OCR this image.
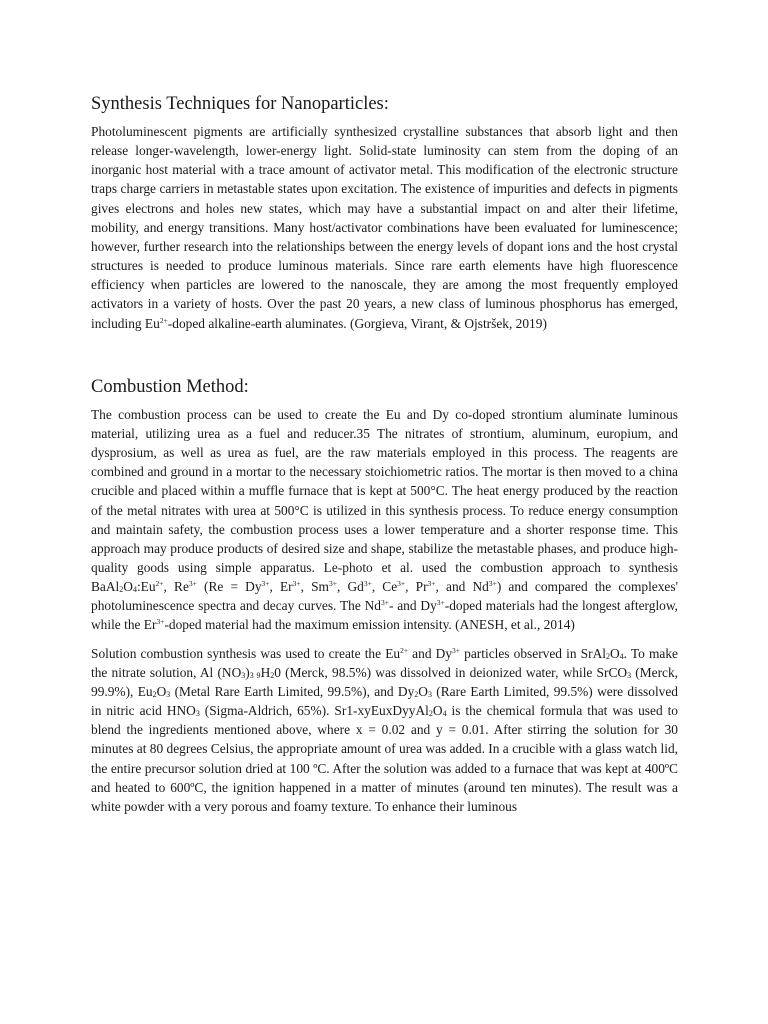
Synthesis Techniques for Nanoparticles:

Photoluminescent pigments are artificially synthesized crystalline substances that absorb light and then release longer-wavelength, lower-energy light. Solid-state luminosity can stem from the doping of an inorganic host material with a trace amount of activator metal. This modification of the electronic structure traps charge carriers in metastable states upon excitation. The existence of impurities and defects in pigments gives electrons and holes new states, which may have a substantial impact on and alter their lifetime, mobility, and energy transitions. Many host/activator combinations have been evaluated for luminescence; however, further research into the relationships between the energy levels of dopant ions and the host crystal structures is needed to produce luminous materials. Since rare earth elements have high fluorescence efficiency when particles are lowered to the nanoscale, they are among the most frequently employed activators in a variety of hosts. Over the past 20 years, a new class of luminous phosphorus has emerged, including $Eu^{2+}$-doped alkaline-earth aluminates. (Gorgieva, Virant, & Ojstršek, 2019)

Combustion Method:

The combustion process can be used to create the Eu and Dy co-doped strontium aluminate luminous material, utilizing urea as a fuel and reducer.35 The nitrates of strontium, aluminum, europium, and dysprosium, as well as urea as fuel, are the raw materials employed in this process. The reagents are combined and ground in a mortar to the necessary stoichiometric ratios. The mortar is then moved to a china crucible and placed within a muffle furnace that is kept at 500°C. The heat energy produced by the reaction of the metal nitrates with urea at 500°C is utilized in this synthesis process. To reduce energy consumption and maintain safety, the combustion process uses a lower temperature and a shorter response time. This approach may produce products of desired size and shape, stabilize the metastable phases, and produce high-quality goods using simple apparatus. Le-photo et al. used the combustion approach to synthesis $BaAl_2O_4:Eu^{2+}$, $Re^{3+}$ ($Re = Dy^{3+}$, $Er^{3+}$, $Sm^{3+}$, $Gd^{3+}$, $Ce^{3+}$, $Pr^{3+}$, and $Nd^{3+}$) and compared the complexes' photoluminescence spectra and decay curves. The $Nd^{3+}-$ and $Dy^{3+}$-doped materials had the longest afterglow, while the $Er^{3+}$-doped material had the maximum emission intensity. (ANESH, et al., 2014)

Solution combustion synthesis was used to create the $Eu^{2+}$ and $Dy^{3+}$ particles observed in $SrAl_2O_4$. To make the nitrate solution, Al $(NO_3)_{3 9}H_20$ (Merck, 98.5%) was dissolved in deionized water, while SrCO$_3$ (Merck, 99.9%), $Eu_2O_3$ (Metal Rare Earth Limited, 99.5%), and $Dy_2O_3$ (Rare Earth Limited, 99.5%) were dissolved in nitric acid $HNO_3$ (Sigma-Aldrich, 65%). $Sr1-xyEuxDyyAl_2O_4$ is the chemical formula that was used to blend the ingredients mentioned above, where x = 0.02 and y = 0.01. After stirring the solution for 30 minutes at 80 degrees Celsius, the appropriate amount of urea was added. In a crucible with a glass watch lid, the entire precursor solution dried at 100 ºC. After the solution was added to a furnace that was kept at 400ºC and heated to 600ºC, the ignition happened in a matter of minutes (around ten minutes). The result was a white powder with a very porous and foamy texture. To enhance their luminous
